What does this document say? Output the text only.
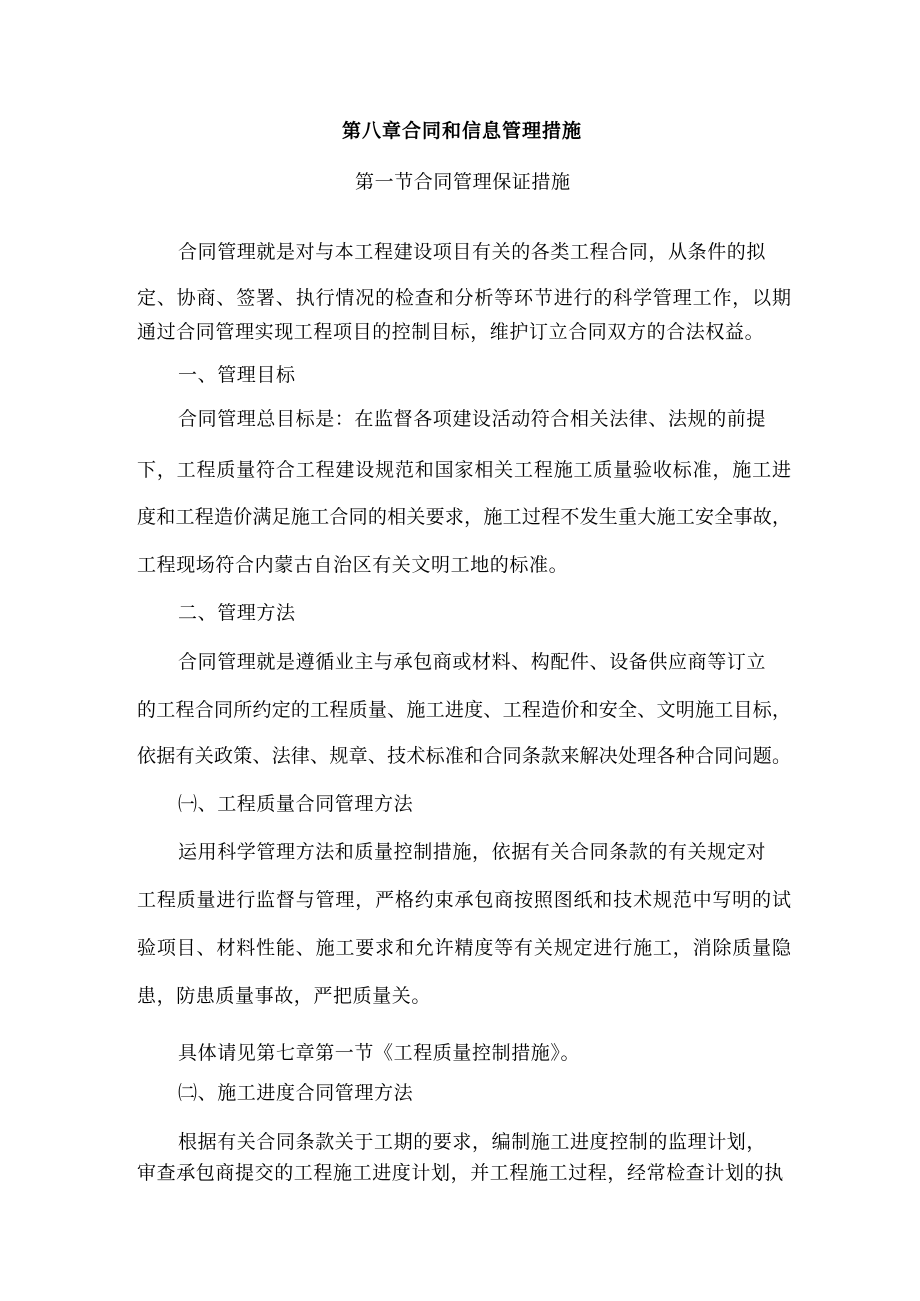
第八章合同和信息管理措施
第一节合同管理保证措施
合同管理就是对与本工程建设项目有关的各类工程合同，从条件的拟
定、协商、签署、执行情况的检查和分析等环节进行的科学管理工作，以期
通过合同管理实现工程项目的控制目标，维护订立合同双方的合法权益。
一、管理目标
合同管理总目标是：在监督各项建设活动符合相关法律、法规的前提
下，工程质量符合工程建设规范和国家相关工程施工质量验收标准，施工进
度和工程造价满足施工合同的相关要求，施工过程不发生重大施工安全事故，
工程现场符合内蒙古自治区有关文明工地的标准。
二、管理方法
合同管理就是遵循业主与承包商或材料、构配件、设备供应商等订立
的工程合同所约定的工程质量、施工进度、工程造价和安全、文明施工目标，
依据有关政策、法律、规章、技术标准和合同条款来解决处理各种合同问题。
㈠、工程质量合同管理方法
运用科学管理方法和质量控制措施，依据有关合同条款的有关规定对
工程质量进行监督与管理，严格约束承包商按照图纸和技术规范中写明的试
验项目、材料性能、施工要求和允许精度等有关规定进行施工，消除质量隐
患，防患质量事故，严把质量关。
具体请见第七章第一节《工程质量控制措施》。
㈡、施工进度合同管理方法
根据有关合同条款关于工期的要求，编制施工进度控制的监理计划，
审查承包商提交的工程施工进度计划，并工程施工过程，经常检查计划的执
